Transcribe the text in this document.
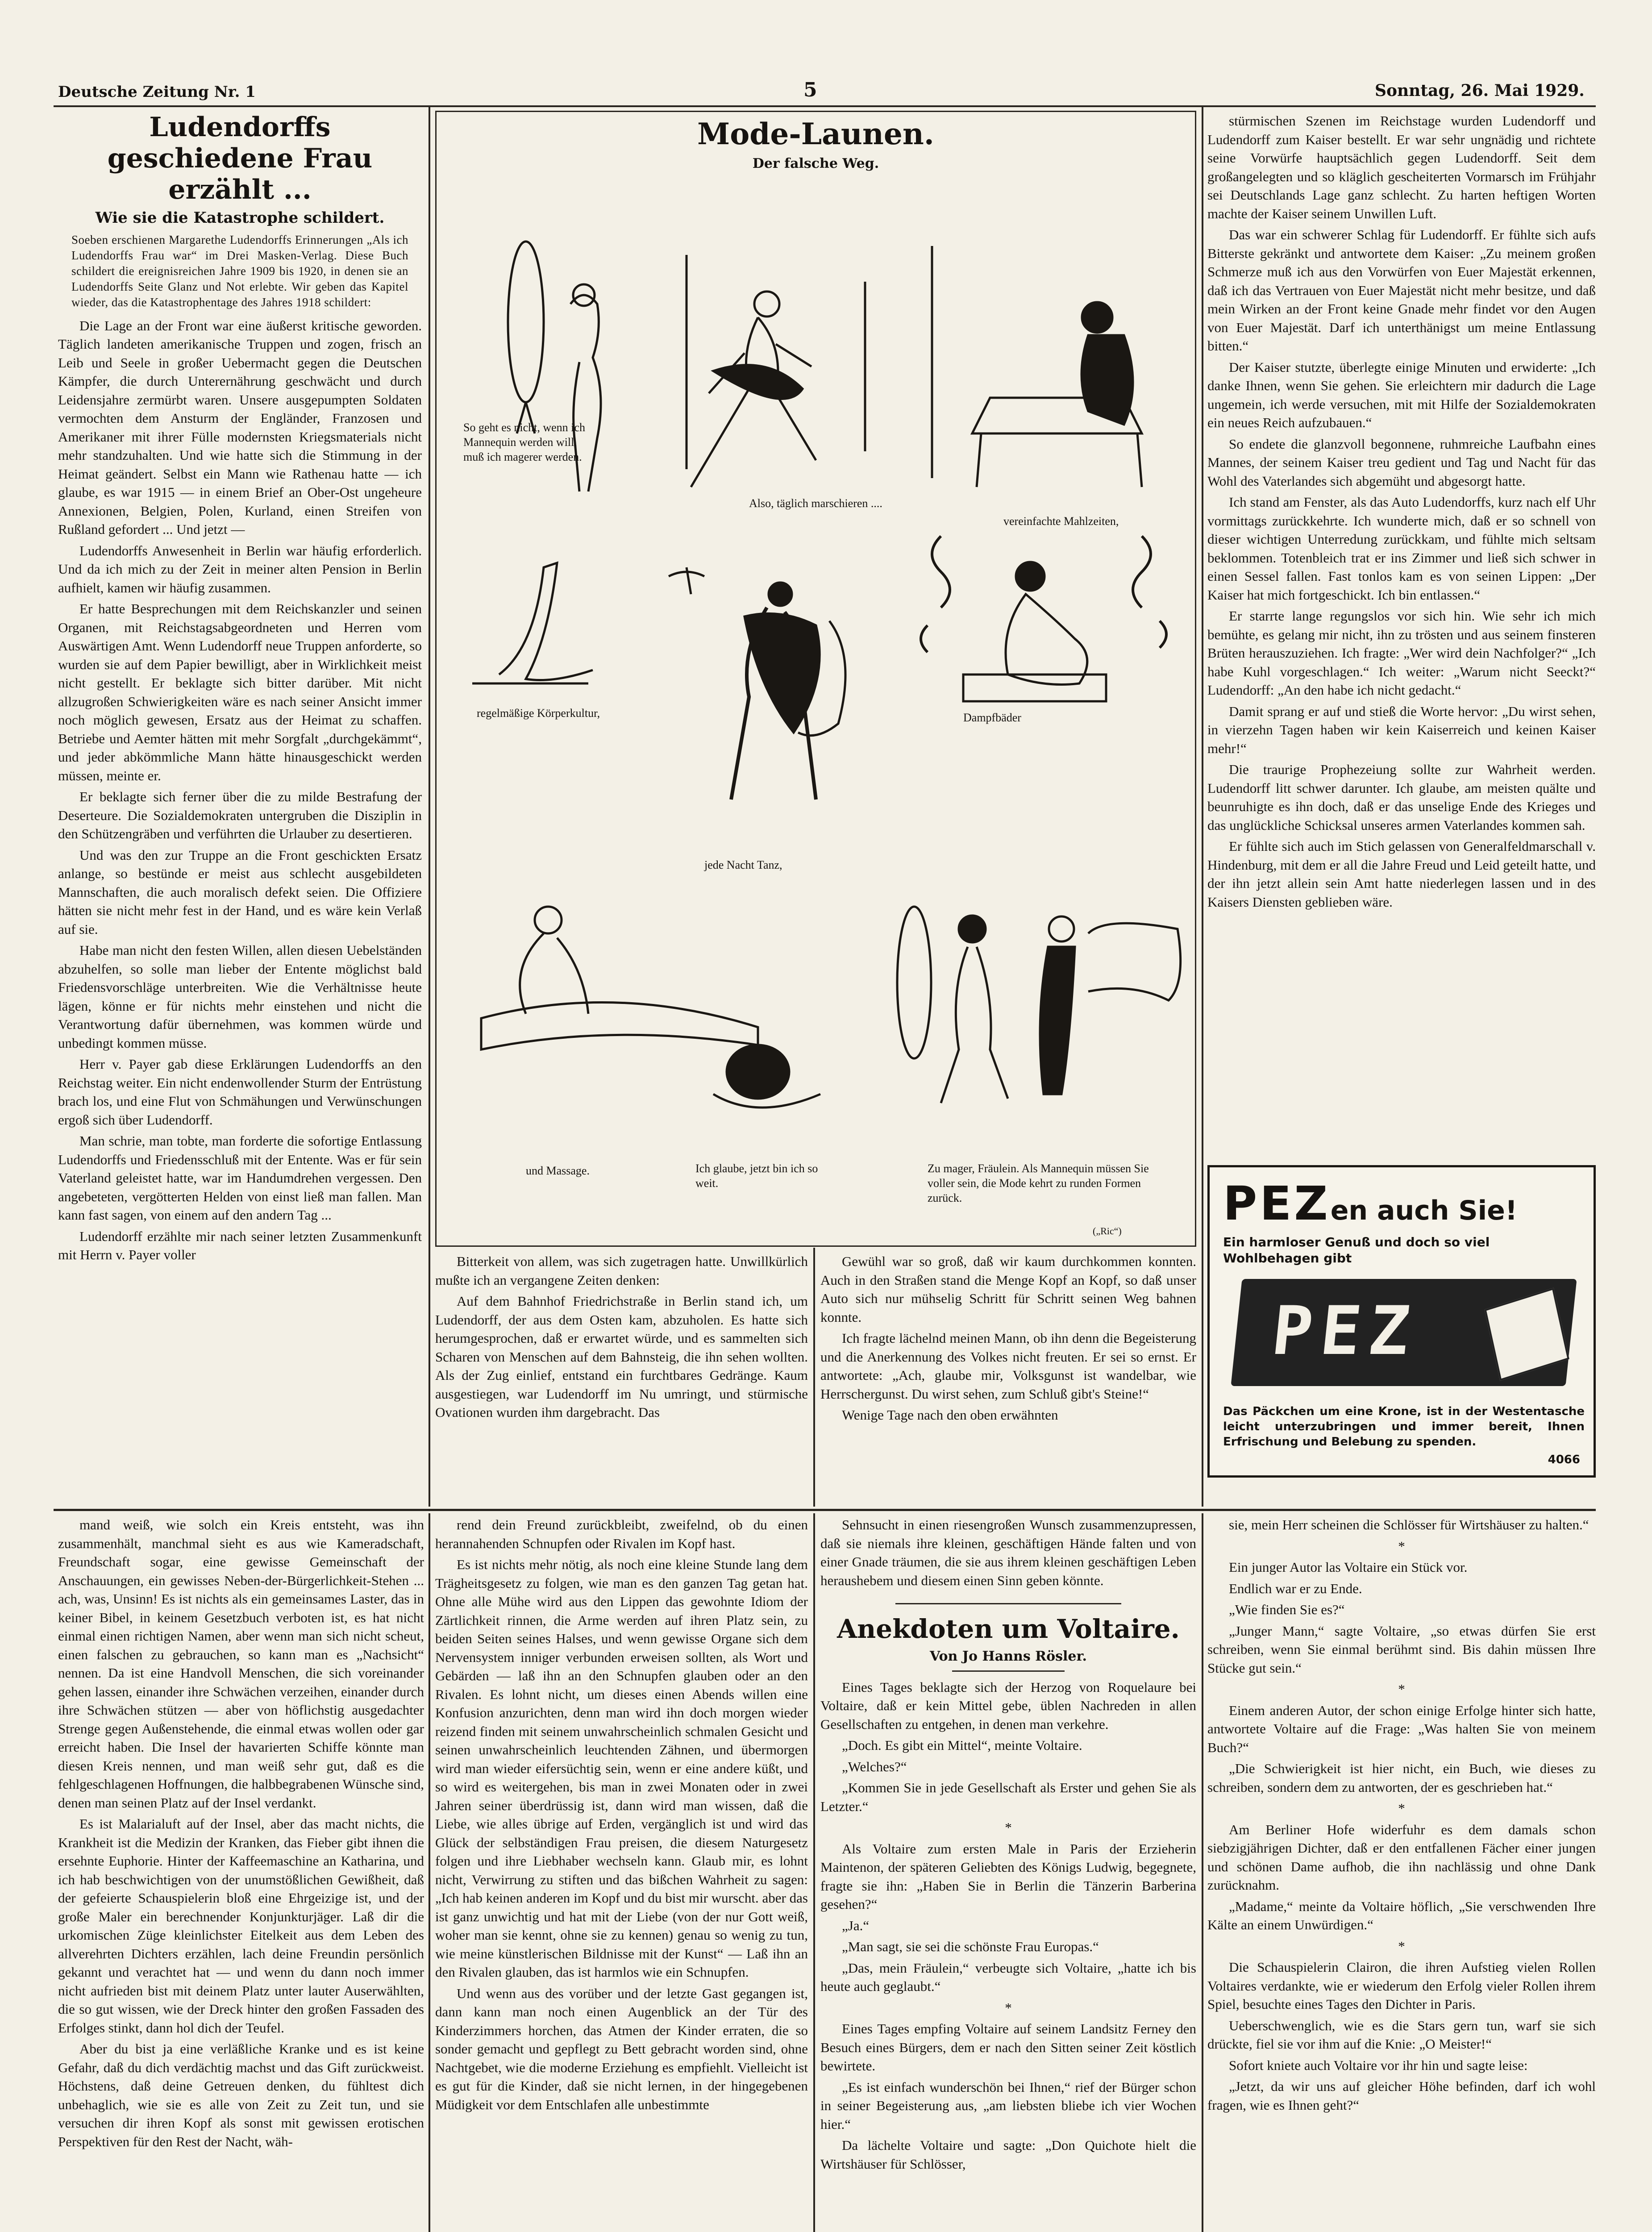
Deutsche Zeitung Nr. 1	5	Sonntag, 26. Mai 1929.
Ludendorffs geschiedene Frau
erzählt ...
Wie sie die Katastrophe schildert.
Soeben erschienen Margarethe Ludendorffs Erinnerungen „Als ich Ludendorffs Frau war“ im Drei Masken-Verlag. Diese Buch schildert die ereignisreichen Jahre 1909 bis 1920, in denen sie an Ludendorffs Seite Glanz und Not erlebte. Wir geben das Kapitel wieder, das die Katastrophentage des Jahres 1918 schildert:

Die Lage an der Front war eine äußerst kritische geworden. Täglich landeten amerikanische Truppen und zogen, frisch an Leib und Seele in großer Uebermacht gegen die Deutschen Kämpfer, die durch Unterernährung geschwächt und durch Leidensjahre zermürbt waren. Unsere ausgepumpten Soldaten vermochten dem Ansturm der Engländer, Franzosen und Amerikaner mit ihrer Fülle modernsten Kriegsmaterials nicht mehr standzuhalten. Und wie hatte sich die Stimmung in der Heimat geändert. Selbst ein Mann wie Rathenau hatte — ich glaube, es war 1915 — in einem Brief an Ober-Ost ungeheure Annexionen, Belgien, Polen, Kurland, einen Streifen von Rußland gefordert ... Und jetzt —

Ludendorffs Anwesenheit in Berlin war häufig erforderlich. Und da ich mich zu der Zeit in meiner alten Pension in Berlin aufhielt, kamen wir häufig zusammen.

Er hatte Besprechungen mit dem Reichskanzler und seinen Organen, mit Reichstagsabgeordneten und Herren vom Auswärtigen Amt. Wenn Ludendorff neue Truppen anforderte, so wurden sie auf dem Papier bewilligt, aber in Wirklichkeit meist nicht gestellt. Er beklagte sich bitter darüber. Mit nicht allzugroßen Schwierigkeiten wäre es nach seiner Ansicht immer noch möglich gewesen, Ersatz aus der Heimat zu schaffen. Betriebe und Aemter hätten mit mehr Sorgfalt „durchgekämmt“, und jeder abkömmliche Mann hätte hinausgeschickt werden müssen, meinte er.

Er beklagte sich ferner über die zu milde Bestrafung der Deserteure. Die Sozialdemokraten untergruben die Disziplin in den Schützengräben und verführten die Urlauber zu desertieren.

Und was den zur Truppe an die Front geschickten Ersatz anlange, so bestünde er meist aus schlecht ausgebildeten Mannschaften, die auch moralisch defekt seien. Die Offiziere hätten sie nicht mehr fest in der Hand, und es wäre kein Verlaß auf sie.

Habe man nicht den festen Willen, allen diesen Uebelständen abzuhelfen, so solle man lieber der Entente möglichst bald Friedensvorschläge unterbreiten. Wie die Verhältnisse heute lägen, könne er für nichts mehr einstehen und nicht die Verantwortung dafür übernehmen, was kommen würde und unbedingt kommen müsse.

Herr v. Payer gab diese Erklärungen Ludendorffs an den Reichstag weiter. Ein nicht endenwollender Sturm der Entrüstung brach los, und eine Flut von Schmähungen und Verwünschungen ergoß sich über Ludendorff.

Man schrie, man tobte, man forderte die sofortige Entlassung Ludendorffs und Friedensschluß mit der Entente. Was er für sein Vaterland geleistet hatte, war im Handumdrehen vergessen. Den angebeteten, vergötterten Helden von einst ließ man fallen. Man kann fast sagen, von einem auf den andern Tag ...

Ludendorff erzählte mir nach seiner letzten Zusammenkunft mit Herrn v. Payer voller

Mode-Launen.
Der falsche Weg.
So geht es nicht, wenn ich Mannequin werden will, muß ich magerer werden.
Also, täglich marschieren ....
vereinfachte Mahlzeiten,
regelmäßige Körperkultur,
jede Nacht Tanz,
Dampfbäder
und Massage.	Ich glaube, jetzt bin ich so weit.
Zu mager, Fräulein. Als Mannequin müssen Sie voller sein, die Mode kehrt zu runden Formen zurück.
(„Ric“)

Bitterkeit von allem, was sich zugetragen hatte. Unwillkürlich mußte ich an vergangene Zeiten denken:

Auf dem Bahnhof Friedrichstraße in Berlin stand ich, um Ludendorff, der aus dem Osten kam, abzuholen. Es hatte sich herumgesprochen, daß er erwartet würde, und es sammelten sich Scharen von Menschen auf dem Bahnsteig, die ihn sehen wollten. Als der Zug einlief, entstand ein furchtbares Gedränge. Kaum ausgestiegen, war Ludendorff im Nu umringt, und stürmische Ovationen wurden ihm dargebracht. Das

Gewühl war so groß, daß wir kaum durchkommen konnten. Auch in den Straßen stand die Menge Kopf an Kopf, so daß unser Auto sich nur mühselig Schritt für Schritt seinen Weg bahnen konnte.

Ich fragte lächelnd meinen Mann, ob ihn denn die Begeisterung und die Anerkennung des Volkes nicht freuten. Er sei so ernst. Er antwortete: „Ach, glaube mir, Volksgunst ist wandelbar, wie Herrschergunst. Du wirst sehen, zum Schluß gibt's Steine!“

Wenige Tage nach den oben erwähnten

stürmischen Szenen im Reichstage wurden Ludendorff und Ludendorff zum Kaiser bestellt. Er war sehr ungnädig und richtete seine Vorwürfe hauptsächlich gegen Ludendorff. Seit dem großangelegten und so kläglich gescheiterten Vormarsch im Frühjahr sei Deutschlands Lage ganz schlecht. Zu harten heftigen Worten machte der Kaiser seinem Unwillen Luft.

Das war ein schwerer Schlag für Ludendorff. Er fühlte sich aufs Bitterste gekränkt und antwortete dem Kaiser: „Zu meinem großen Schmerze muß ich aus den Vorwürfen von Euer Majestät erkennen, daß ich das Vertrauen von Euer Majestät nicht mehr besitze, und daß mein Wirken an der Front keine Gnade mehr findet vor den Augen von Euer Majestät. Darf ich unterthänigst um meine Entlassung bitten.“

Der Kaiser stutzte, überlegte einige Minuten und erwiderte: „Ich danke Ihnen, wenn Sie gehen. Sie erleichtern mir dadurch die Lage ungemein, ich werde versuchen, mit mit Hilfe der Sozialdemokraten ein neues Reich aufzubauen.“

So endete die glanzvoll begonnene, ruhmreiche Laufbahn eines Mannes, der seinem Kaiser treu gedient und Tag und Nacht für das Wohl des Vaterlandes sich abgemüht und abgesorgt hatte.

Ich stand am Fenster, als das Auto Ludendorffs, kurz nach elf Uhr vormittags zurückkehrte. Ich wunderte mich, daß er so schnell von dieser wichtigen Unterredung zurückkam, und fühlte mich seltsam beklommen. Totenbleich trat er ins Zimmer und ließ sich schwer in einen Sessel fallen. Fast tonlos kam es von seinen Lippen: „Der Kaiser hat mich fortgeschickt. Ich bin entlassen.“

Er starrte lange regungslos vor sich hin. Wie sehr ich mich bemühte, es gelang mir nicht, ihn zu trösten und aus seinem finsteren Brüten herauszuziehen. Ich fragte: „Wer wird dein Nachfolger?“ „Ich habe Kuhl vorgeschlagen.“ Ich weiter: „Warum nicht Seeckt?“ Ludendorff: „An den habe ich nicht gedacht.“

Damit sprang er auf und stieß die Worte hervor: „Du wirst sehen, in vierzehn Tagen haben wir kein Kaiserreich und keinen Kaiser mehr!“

Die traurige Prophezeiung sollte zur Wahrheit werden. Ludendorff litt schwer darunter. Ich glaube, am meisten quälte und beunruhigte es ihn doch, daß er das unselige Ende des Krieges und das unglückliche Schicksal unseres armen Vaterlandes kommen sah.

Er fühlte sich auch im Stich gelassen von Generalfeldmarschall v. Hindenburg, mit dem er all die Jahre Freud und Leid geteilt hatte, und der ihn jetzt allein sein Amt hatte niederlegen lassen und in des Kaisers Diensten geblieben wäre.

PEZen auch Sie!
Ein harmloser Genuß und doch so viel Wohlbehagen gibt
PEZ
Das Päckchen um eine Krone, ist in der Westentasche leicht unterzubringen und immer bereit, Ihnen Erfrischung und Belebung zu spenden.
4066

mand weiß, wie solch ein Kreis entsteht, was ihn zusammenhält, manchmal sieht es aus wie Kameradschaft, Freundschaft sogar, eine gewisse Gemeinschaft der Anschauungen, ein gewisses Neben-der-Bürgerlichkeit-Stehen ... ach, was, Unsinn! Es ist nichts als ein gemeinsames Laster, das in keiner Bibel, in keinem Gesetzbuch verboten ist, es hat nicht einmal einen richtigen Namen, aber wenn man sich nicht scheut, einen falschen zu gebrauchen, so kann man es „Nachsicht“ nennen. Da ist eine Handvoll Menschen, die sich voreinander gehen lassen, einander ihre Schwächen verzeihen, einander durch ihre Schwächen stützen — aber von höflichstig ausgedachter Strenge gegen Außenstehende, die einmal etwas wollen oder gar erreicht haben. Die Insel der havarierten Schiffe könnte man diesen Kreis nennen, und man weiß sehr gut, daß es die fehlgeschlagenen Hoffnungen, die halbbegrabenen Wünsche sind, denen man seinen Platz auf der Insel verdankt.

Es ist Malarialuft auf der Insel, aber das macht nichts, die Krankheit ist die Medizin der Kranken, das Fieber gibt ihnen die ersehnte Euphorie. Hinter der Kaffeemaschine an Katharina, und ich hab beschwichtigen von der unumstößlichen Gewißheit, daß der gefeierte Schauspielerin bloß eine Ehrgeizige ist, und der große Maler ein berechnender Konjunkturjäger. Laß dir die urkomischen Züge kleinlichster Eitelkeit aus dem Leben des allverehrten Dichters erzählen, lach deine Freundin persönlich gekannt und verachtet hat — und wenn du dann noch immer nicht aufrieden bist mit deinem Platz unter lauter Auserwählten, die so gut wissen, wie der Dreck hinter den großen Fassaden des Erfolges stinkt, dann hol dich der Teufel.

Aber du bist ja eine verläßliche Kranke und es ist keine Gefahr, daß du dich verdächtig machst und das Gift zurückweist. Höchstens, daß deine Getreuen denken, du fühltest dich unbehaglich, wie sie es alle von Zeit zu Zeit tun, und sie versuchen dir ihren Kopf als sonst mit gewissen erotischen Perspektiven für den Rest der Nacht, wäh-

rend dein Freund zurückbleibt, zweifelnd, ob du einen herannahenden Schnupfen oder Rivalen im Kopf hast.

Es ist nichts mehr nötig, als noch eine kleine Stunde lang dem Trägheitsgesetz zu folgen, wie man es den ganzen Tag getan hat. Ohne alle Mühe wird aus den Lippen das gewohnte Idiom der Zärtlichkeit rinnen, die Arme werden auf ihren Platz sein, zu beiden Seiten seines Halses, und wenn gewisse Organe sich dem Nervensystem inniger verbunden erweisen sollten, als Wort und Gebärden — laß ihn an den Schnupfen glauben oder an den Rivalen. Es lohnt nicht, um dieses einen Abends willen eine Konfusion anzurichten, denn man wird ihn doch morgen wieder reizend finden mit seinem unwahrscheinlich schmalen Gesicht und seinen unwahrscheinlich leuchtenden Zähnen, und übermorgen wird man wieder eifersüchtig sein, wenn er eine andere küßt, und so wird es weitergehen, bis man in zwei Monaten oder in zwei Jahren seiner überdrüssig ist, dann wird man wissen, daß die Liebe, wie alles übrige auf Erden, vergänglich ist und wird das Glück der selbständigen Frau preisen, die diesem Naturgesetz folgen und ihre Liebhaber wechseln kann. Glaub mir, es lohnt nicht, Verwirrung zu stiften und das bißchen Wahrheit zu sagen: „Ich hab keinen anderen im Kopf und du bist mir wurscht. aber das ist ganz unwichtig und hat mit der Liebe (von der nur Gott weiß, woher man sie kennt, ohne sie zu kennen) genau so wenig zu tun, wie meine künstlerischen Bildnisse mit der Kunst“ — Laß ihn an den Rivalen glauben, das ist harmlos wie ein Schnupfen.

Und wenn aus des vorüber und der letzte Gast gegangen ist, dann kann man noch einen Augenblick an der Tür des Kinderzimmers horchen, das Atmen der Kinder erraten, die so sonder gemacht und gepflegt zu Bett gebracht worden sind, ohne Nachtgebet, wie die moderne Erziehung es empfiehlt. Vielleicht ist es gut für die Kinder, daß sie nicht lernen, in der hingegebenen Müdigkeit vor dem Entschlafen alle unbestimmte

Sehnsucht in einen riesengroßen Wunsch zusammenzupressen, daß sie niemals ihre kleinen, geschäftigen Hände falten und von einer Gnade träumen, die sie aus ihrem kleinen geschäftigen Leben heraushebem und diesem einen Sinn geben könnte.

Anekdoten um Voltaire.
Von Jo Hanns Rösler.

Eines Tages beklagte sich der Herzog von Roquelaure bei Voltaire, daß er kein Mittel gebe, üblen Nachreden in allen Gesellschaften zu entgehen, in denen man verkehre.

„Doch. Es gibt ein Mittel“, meinte Voltaire.

„Welches?“

„Kommen Sie in jede Gesellschaft als Erster und gehen Sie als Letzter.“

*

Als Voltaire zum ersten Male in Paris der Erzieherin Maintenon, der späteren Geliebten des Königs Ludwig, begegnete, fragte sie ihn: „Haben Sie in Berlin die Tänzerin Barberina gesehen?“

„Ja.“

„Man sagt, sie sei die schönste Frau Europas.“

„Das, mein Fräulein,“ verbeugte sich Voltaire, „hatte ich bis heute auch geglaubt.“

*

Eines Tages empfing Voltaire auf seinem Landsitz Ferney den Besuch eines Bürgers, dem er nach den Sitten seiner Zeit köstlich bewirtete.

„Es ist einfach wunderschön bei Ihnen,“ rief der Bürger schon in seiner Begeisterung aus, „am liebsten bliebe ich vier Wochen hier.“

Da lächelte Voltaire und sagte: „Don Quichote hielt die Wirtshäuser für Schlösser,

sie, mein Herr scheinen die Schlösser für Wirtshäuser zu halten.“

*

Ein junger Autor las Voltaire ein Stück vor.

Endlich war er zu Ende.

„Wie finden Sie es?“

„Junger Mann,“ sagte Voltaire, „so etwas dürfen Sie erst schreiben, wenn Sie einmal berühmt sind. Bis dahin müssen Ihre Stücke gut sein.“

*

Einem anderen Autor, der schon einige Erfolge hinter sich hatte, antwortete Voltaire auf die Frage: „Was halten Sie von meinem Buch?“

„Die Schwierigkeit ist hier nicht, ein Buch, wie dieses zu schreiben, sondern dem zu antworten, der es geschrieben hat.“

*

Am Berliner Hofe widerfuhr es dem damals schon siebzigjährigen Dichter, daß er den entfallenen Fächer einer jungen und schönen Dame aufhob, die ihn nachlässig und ohne Dank zurücknahm.

„Madame,“ meinte da Voltaire höflich, „Sie verschwenden Ihre Kälte an einem Unwürdigen.“

*

Die Schauspielerin Clairon, die ihren Aufstieg vielen Rollen Voltaires verdankte, wie er wiederum den Erfolg vieler Rollen ihrem Spiel, besuchte eines Tages den Dichter in Paris.

Ueberschwenglich, wie es die Stars gern tun, warf sie sich drückte, fiel sie vor ihm auf die Knie: „O Meister!“

Sofort kniete auch Voltaire vor ihr hin und sagte leise:

„Jetzt, da wir uns auf gleicher Höhe befinden, darf ich wohl fragen, wie es Ihnen geht?“
